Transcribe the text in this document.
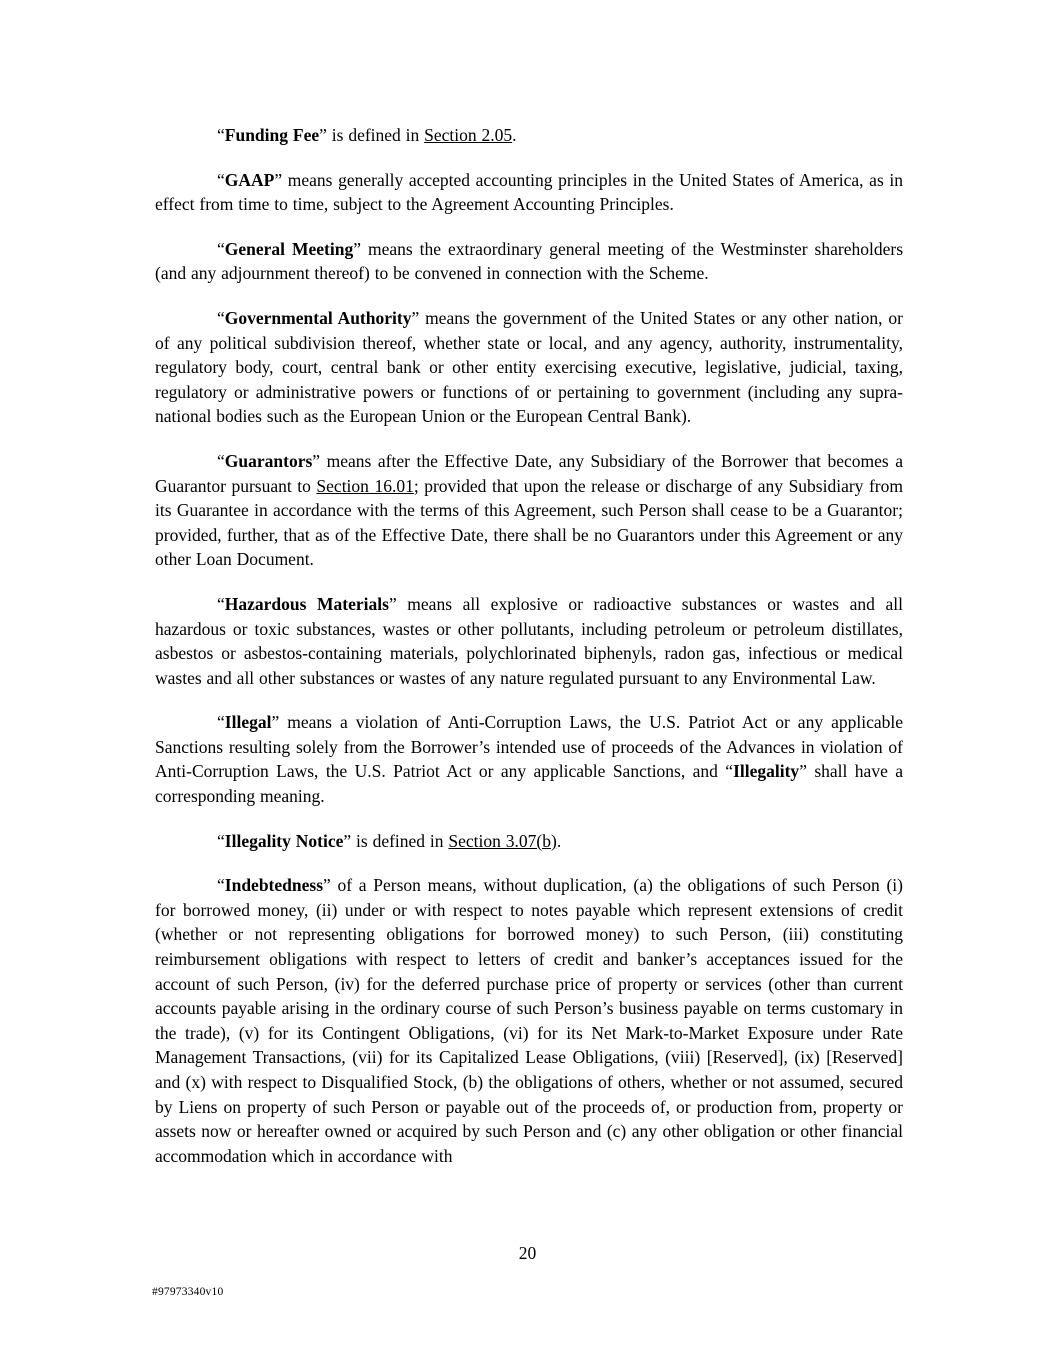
“Funding Fee” is defined in Section 2.05.

“GAAP” means generally accepted accounting principles in the United States of America, as in effect from time to time, subject to the Agreement Accounting Principles.

“General Meeting” means the extraordinary general meeting of the Westminster shareholders (and any adjournment thereof) to be convened in connection with the Scheme.

“Governmental Authority” means the government of the United States or any other nation, or of any political subdivision thereof, whether state or local, and any agency, authority, instrumentality, regulatory body, court, central bank or other entity exercising executive, legislative, judicial, taxing, regulatory or administrative powers or functions of or pertaining to government (including any supra-national bodies such as the European Union or the European Central Bank).

“Guarantors” means after the Effective Date, any Subsidiary of the Borrower that becomes a Guarantor pursuant to Section 16.01; provided that upon the release or discharge of any Subsidiary from its Guarantee in accordance with the terms of this Agreement, such Person shall cease to be a Guarantor; provided, further, that as of the Effective Date, there shall be no Guarantors under this Agreement or any other Loan Document.

“Hazardous Materials” means all explosive or radioactive substances or wastes and all hazardous or toxic substances, wastes or other pollutants, including petroleum or petroleum distillates, asbestos or asbestos-containing materials, polychlorinated biphenyls, radon gas, infectious or medical wastes and all other substances or wastes of any nature regulated pursuant to any Environmental Law.

“Illegal” means a violation of Anti-Corruption Laws, the U.S. Patriot Act or any applicable Sanctions resulting solely from the Borrower’s intended use of proceeds of the Advances in violation of Anti-Corruption Laws, the U.S. Patriot Act or any applicable Sanctions, and “Illegality” shall have a corresponding meaning.

“Illegality Notice” is defined in Section 3.07(b).

“Indebtedness” of a Person means, without duplication, (a) the obligations of such Person (i) for borrowed money, (ii) under or with respect to notes payable which represent extensions of credit (whether or not representing obligations for borrowed money) to such Person, (iii) constituting reimbursement obligations with respect to letters of credit and banker’s acceptances issued for the account of such Person, (iv) for the deferred purchase price of property or services (other than current accounts payable arising in the ordinary course of such Person’s business payable on terms customary in the trade), (v) for its Contingent Obligations, (vi) for its Net Mark-to-Market Exposure under Rate Management Transactions, (vii) for its Capitalized Lease Obligations, (viii) [Reserved], (ix) [Reserved] and (x) with respect to Disqualified Stock, (b) the obligations of others, whether or not assumed, secured by Liens on property of such Person or payable out of the proceeds of, or production from, property or assets now or hereafter owned or acquired by such Person and (c) any other obligation or other financial accommodation which in accordance with

20
#97973340v10
